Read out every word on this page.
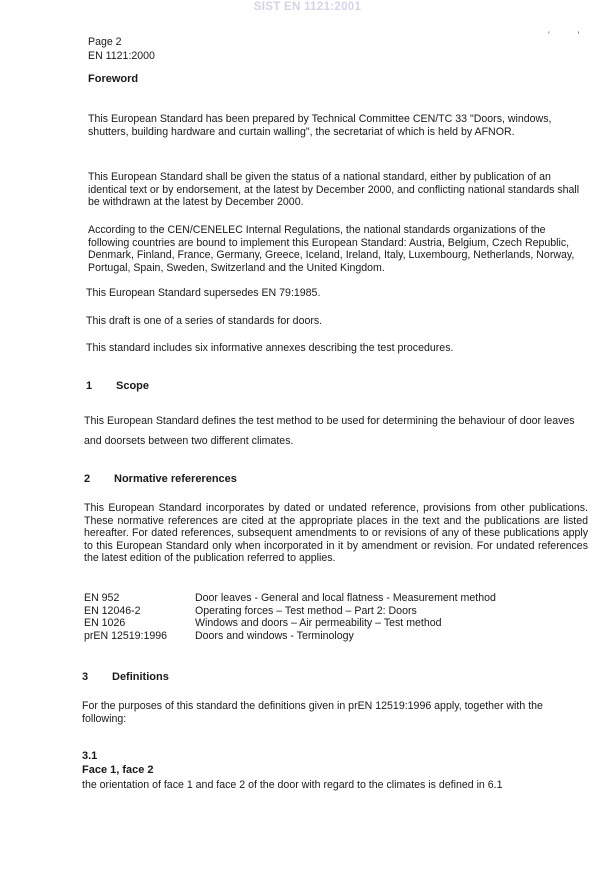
SIST EN 1121:2001
'	'
Page 2
EN 1121:2000
Foreword
This European Standard has been prepared by Technical Committee CEN/TC 33 "Doors, windows, shutters, building hardware and curtain walling", the secretariat of which is held by AFNOR.
This European Standard shall be given the status of a national standard, either by publication of an identical text or by endorsement, at the latest by December 2000, and conflicting national standards shall be withdrawn at the latest by December 2000.
According to the CEN/CENELEC Internal Regulations, the national standards organizations of the following countries are bound to implement this European Standard: Austria, Belgium, Czech Republic, Denmark, Finland, France, Germany, Greece, Iceland, Ireland, Italy, Luxembourg, Netherlands, Norway, Portugal, Spain, Sweden, Switzerland and the United Kingdom.
This European Standard supersedes EN 79:1985.
This draft is one of a series of standards for doors.
This standard includes six informative annexes describing the test procedures.
1 Scope
This European Standard defines the test method to be used for determining the behaviour of door leaves and doorsets between two different climates.
2 Normative refererences
This European Standard incorporates by dated or undated reference, provisions from other publications. These normative references are cited at the appropriate places in the text and the publications are listed hereafter. For dated references, subsequent amendments to or revisions of any of these publications apply to this European Standard only when incorporated in it by amendment or revision. For undated references the latest edition of the publication referred to applies.
EN 952	Door leaves - General and local flatness - Measurement method
EN 12046-2	Operating forces – Test method – Part 2: Doors
EN 1026	Windows and doors – Air permeability – Test method
prEN 12519:1996	Doors and windows - Terminology
3 Definitions
For the purposes of this standard the definitions given in prEN 12519:1996 apply, together with the following:
3.1
Face 1, face 2
the orientation of face 1 and face 2 of the door with regard to the climates is defined in 6.1
